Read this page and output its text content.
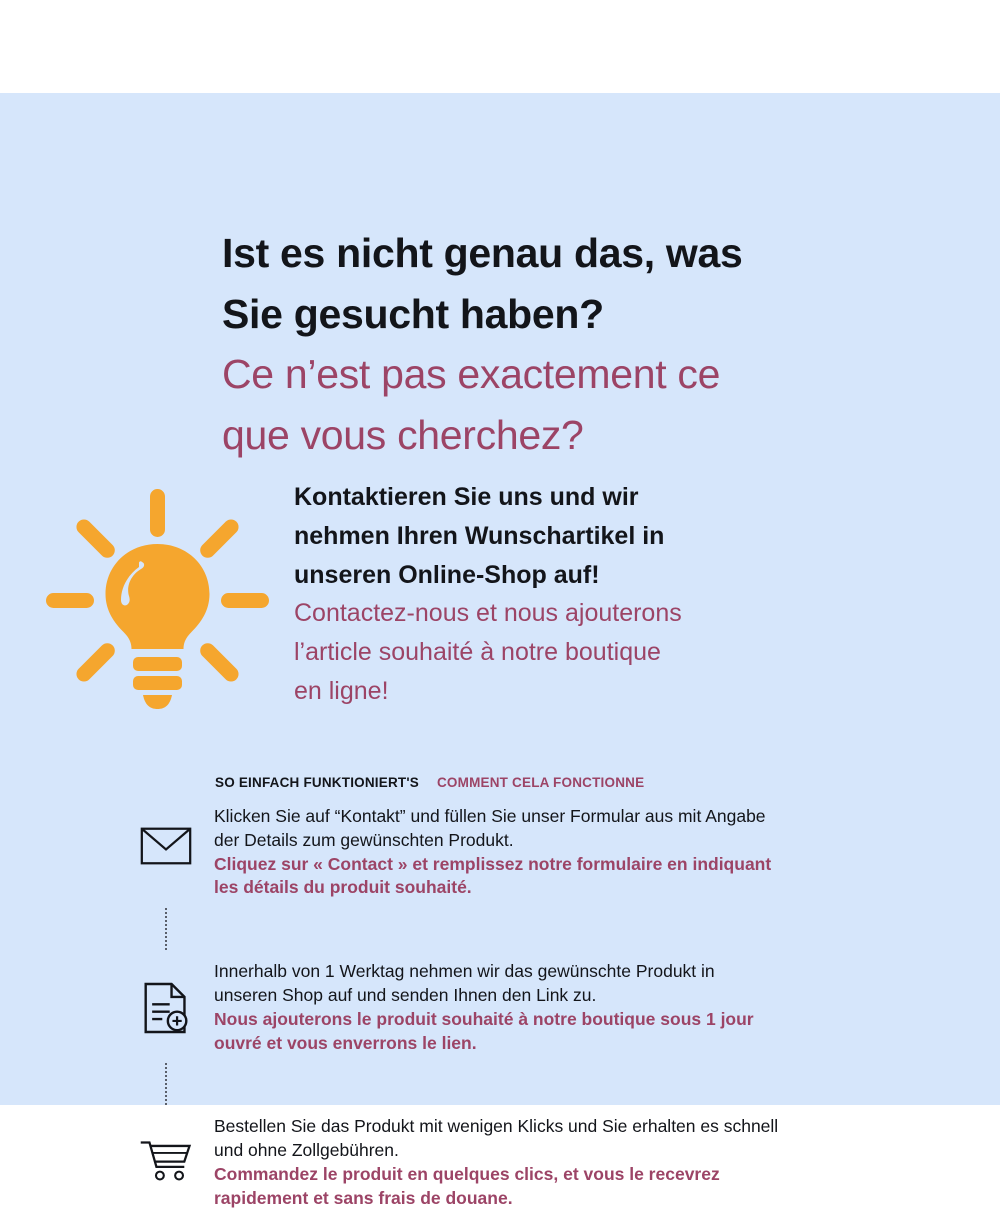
Ist es nicht genau das, was
Sie gesucht haben?
Ce n’est pas exactement ce
que vous cherchez?
Kontaktieren Sie uns und wir
nehmen Ihren Wunschartikel in
unseren Online-Shop auf!
Contactez-nous et nous ajouterons
l’article souhaité à notre boutique
en ligne!
SO EINFACH FUNKTIONIERT'S COMMENT CELA FONCTIONNE
Klicken Sie auf “Kontakt” und füllen Sie unser Formular aus mit Angabe
der Details zum gewünschten Produkt.
Cliquez sur « Contact » et remplissez notre formulaire en indiquant
les détails du produit souhaité.
Innerhalb von 1 Werktag nehmen wir das gewünschte Produkt in
unseren Shop auf und senden Ihnen den Link zu.
Nous ajouterons le produit souhaité à notre boutique sous 1 jour
ouvré et vous enverrons le lien.
Bestellen Sie das Produkt mit wenigen Klicks und Sie erhalten es schnell
und ohne Zollgebühren.
Commandez le produit en quelques clics, et vous le recevrez
rapidement et sans frais de douane.
